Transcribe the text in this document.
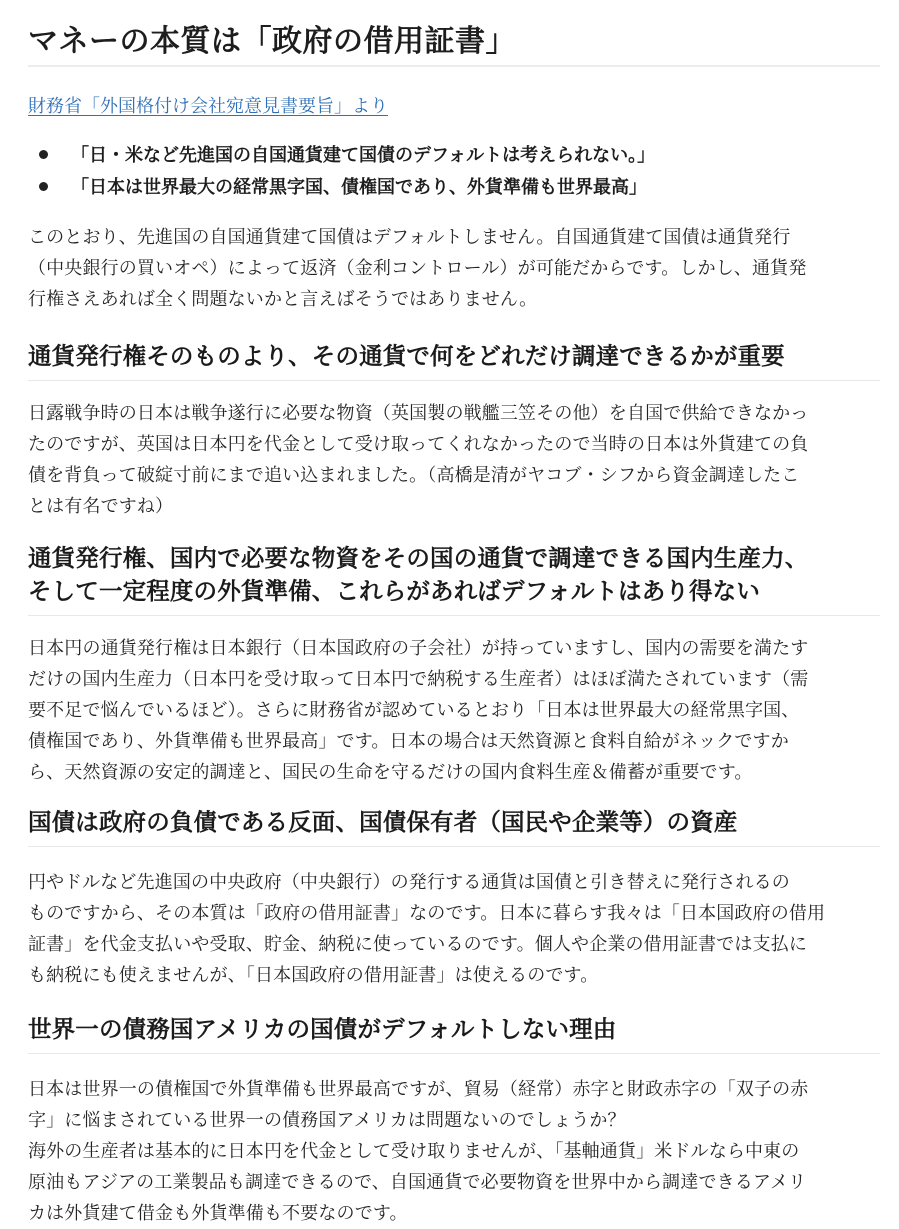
マネーの本質は「政府の借用証書」
財務省「外国格付け会社宛意見書要旨」より
「日・米など先進国の自国通貨建て国債のデフォルトは考えられない。」
「日本は世界最大の経常黒字国、債権国であり、外貨準備も世界最高」

このとおり、先進国の自国通貨建て国債はデフォルトしません。自国通貨建て国債は通貨発行
（中央銀行の買いオペ）によって返済（金利コントロール）が可能だからです。しかし、通貨発
行権さえあれば全く問題ないかと言えばそうではありません。

通貨発行権そのものより、その通貨で何をどれだけ調達できるかが重要

日露戦争時の日本は戦争遂行に必要な物資（英国製の戦艦三笠その他）を自国で供給できなかっ
たのですが、英国は日本円を代金として受け取ってくれなかったので当時の日本は外貨建ての負
債を背負って破綻寸前にまで追い込まれました。（高橋是清がヤコブ・シフから資金調達したこ
とは有名ですね）

通貨発行権、国内で必要な物資をその国の通貨で調達できる国内生産力、
そして一定程度の外貨準備、これらがあればデフォルトはあり得ない

日本円の通貨発行権は日本銀行（日本国政府の子会社）が持っていますし、国内の需要を満たす
だけの国内生産力（日本円を受け取って日本円で納税する生産者）はほぼ満たされています（需
要不足で悩んでいるほど）。さらに財務省が認めているとおり「日本は世界最大の経常黒字国、
債権国であり、外貨準備も世界最高」です。日本の場合は天然資源と食料自給がネックですか
ら、天然資源の安定的調達と、国民の生命を守るだけの国内食料生産＆備蓄が重要です。

国債は政府の負債である反面、国債保有者（国民や企業等）の資産

円やドルなど先進国の中央政府（中央銀行）の発行する通貨は国債と引き替えに発行されるの
ものですから、その本質は「政府の借用証書」なのです。日本に暮らす我々は「日本国政府の借用
証書」を代金支払いや受取、貯金、納税に使っているのです。個人や企業の借用証書では支払に
も納税にも使えませんが、「日本国政府の借用証書」は使えるのです。

世界一の債務国アメリカの国債がデフォルトしない理由

日本は世界一の債権国で外貨準備も世界最高ですが、貿易（経常）赤字と財政赤字の「双子の赤
字」に悩まされている世界一の債務国アメリカは問題ないのでしょうか？
海外の生産者は基本的に日本円を代金として受け取りませんが、「基軸通貨」米ドルなら中東の
原油もアジアの工業製品も調達できるので、自国通貨で必要物資を世界中から調達できるアメリ
カは外貨建て借金も外貨準備も不要なのです。
